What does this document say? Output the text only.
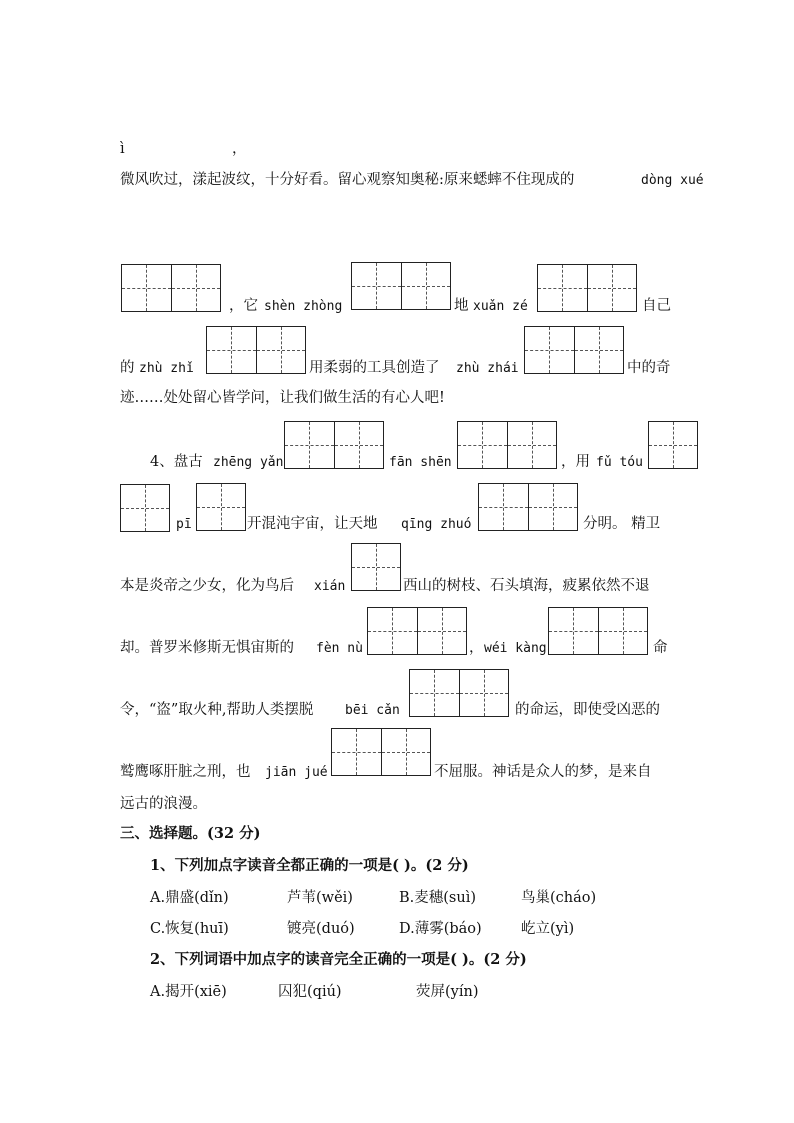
ì	，
微风吹过，漾起波纹，十分好看。留心观察知奥秘:原来蟋蟀不住现成的	dòng xué
，它 shèn zhòng	地 xuǎn zé	自己
的 zhù zhǐ	用柔弱的工具创造了 zhù zhái	中的奇
迹……处处留心皆学问，让我们做生活的有心人吧!
4、盘古 zhēng yǎn	fān shēn	，用 fǔ tóu
pī	开混沌宇宙，让天地 qīng zhuó	分明。 精卫
本是炎帝之少女，化为鸟后 xián	西山的树枝、石头填海，疲累依然不退
却。普罗米修斯无惧宙斯的 fèn nù	， wéi kàng	命
令，“盗”取火种,帮助人类摆脱 bēi cǎn	的命运，即使受凶恶的
鹫鹰啄肝脏之刑，也 jiān jué	不屈服。神话是众人的梦，是来自
远古的浪漫。
三、选择题。(32 分)
1、下列加点字读音全都正确的一项是( )。(2 分)
A.鼎盛(dǐn)	芦苇(wěi)	B.麦穗(suì)	鸟巢(cháo)
C.恢复(huī)	镀亮(duó)	D.薄雾(báo)	屹立(yì)
2、下列词语中加点字的读音完全正确的一项是( )。(2 分)
A.揭开(xiē)	囚犯(qiú)	荧屏(yín)
